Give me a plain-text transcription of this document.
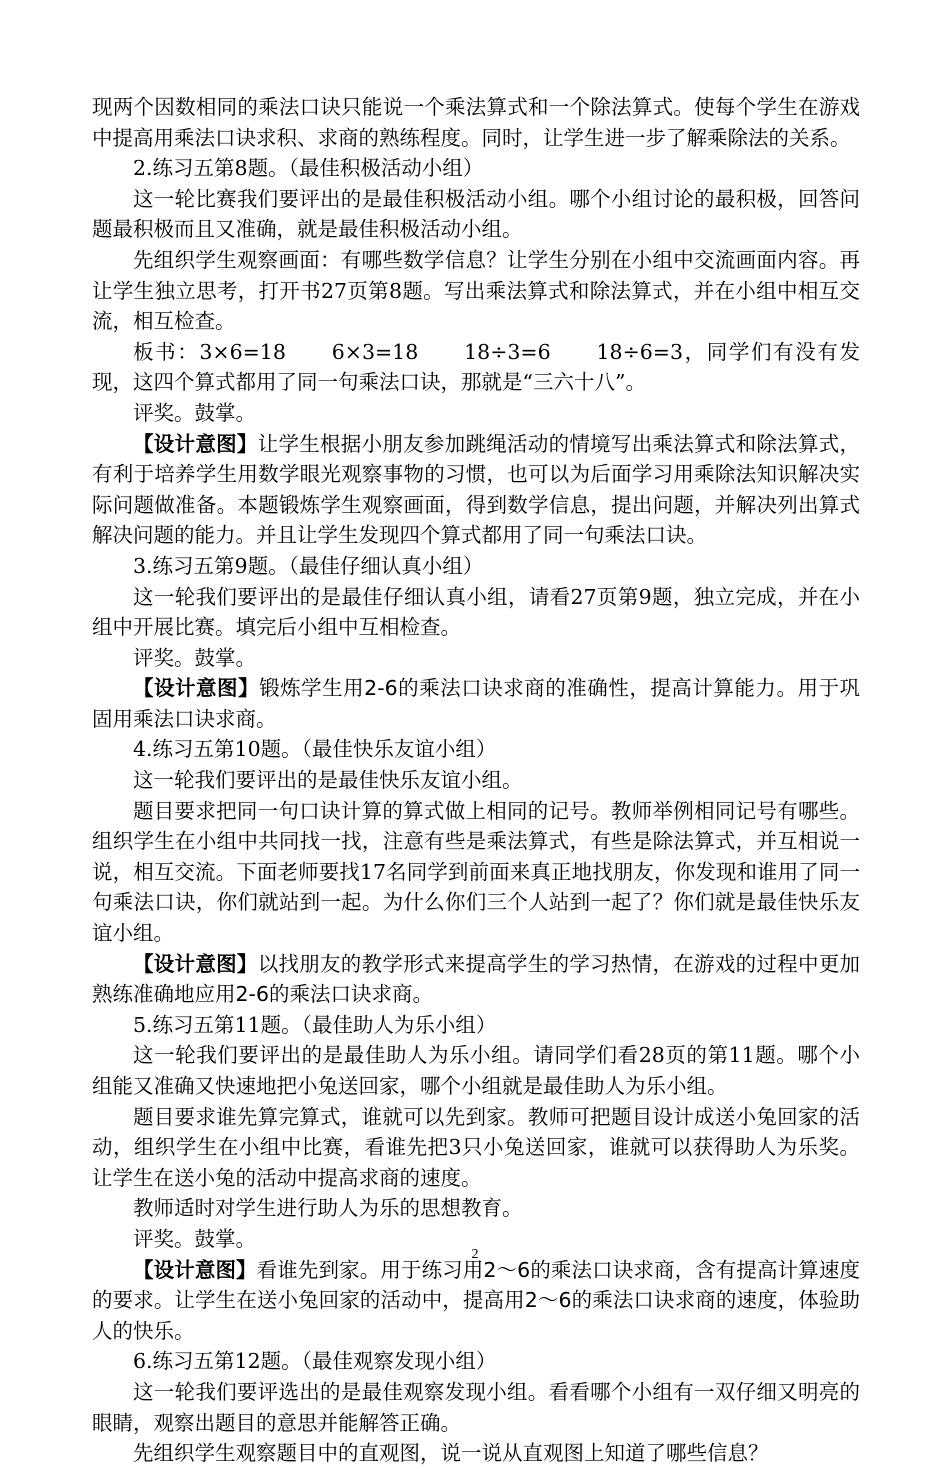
现两个因数相同的乘法口诀只能说一个乘法算式和一个除法算式。使每个学生在游戏中提高用乘法口诀求积、求商的熟练程度。同时，让学生进一步了解乘除法的关系。

2.练习五第8题。（最佳积极活动小组）

这一轮比赛我们要评出的是最佳积极活动小组。哪个小组讨论的最积极，回答问题最积极而且又准确，就是最佳积极活动小组。

先组织学生观察画面：有哪些数学信息？让学生分别在小组中交流画面内容。再让学生独立思考，打开书27页第8题。写出乘法算式和除法算式，并在小组中相互交流，相互检查。

板书：3×6=18　　6×3=18　　18÷3=6　　18÷6=3，同学们有没有发现，这四个算式都用了同一句乘法口诀，那就是“三六十八”。

评奖。鼓掌。

【设计意图】让学生根据小朋友参加跳绳活动的情境写出乘法算式和除法算式，有利于培养学生用数学眼光观察事物的习惯，也可以为后面学习用乘除法知识解决实际问题做准备。本题锻炼学生观察画面，得到数学信息，提出问题，并解决列出算式解决问题的能力。并且让学生发现四个算式都用了同一句乘法口诀。

3.练习五第9题。（最佳仔细认真小组）

这一轮我们要评出的是最佳仔细认真小组，请看27页第9题，独立完成，并在小组中开展比赛。填完后小组中互相检查。

评奖。鼓掌。

【设计意图】锻炼学生用2-6的乘法口诀求商的准确性，提高计算能力。用于巩固用乘法口诀求商。

4.练习五第10题。（最佳快乐友谊小组）

这一轮我们要评出的是最佳快乐友谊小组。

题目要求把同一句口诀计算的算式做上相同的记号。教师举例相同记号有哪些。组织学生在小组中共同找一找，注意有些是乘法算式，有些是除法算式，并互相说一说，相互交流。下面老师要找17名同学到前面来真正地找朋友，你发现和谁用了同一句乘法口诀，你们就站到一起。为什么你们三个人站到一起了？你们就是最佳快乐友谊小组。

【设计意图】以找朋友的教学形式来提高学生的学习热情，在游戏的过程中更加熟练准确地应用2-6的乘法口诀求商。

5.练习五第11题。（最佳助人为乐小组）

这一轮我们要评出的是最佳助人为乐小组。请同学们看28页的第11题。哪个小组能又准确又快速地把小兔送回家，哪个小组就是最佳助人为乐小组。

题目要求谁先算完算式，谁就可以先到家。教师可把题目设计成送小兔回家的活动，组织学生在小组中比赛，看谁先把3只小兔送回家，谁就可以获得助人为乐奖。让学生在送小兔的活动中提高求商的速度。

教师适时对学生进行助人为乐的思想教育。

评奖。鼓掌。

【设计意图】看谁先到家。用于练习用2～6的乘法口诀求商，含有提高计算速度的要求。让学生在送小兔回家的活动中，提高用2～6的乘法口诀求商的速度，体验助人的快乐。

6.练习五第12题。（最佳观察发现小组）

这一轮我们要评选出的是最佳观察发现小组。看看哪个小组有一双仔细又明亮的眼睛，观察出题目的意思并能解答正确。

先组织学生观察题目中的直观图，说一说从直观图上知道了哪些信息？

2
